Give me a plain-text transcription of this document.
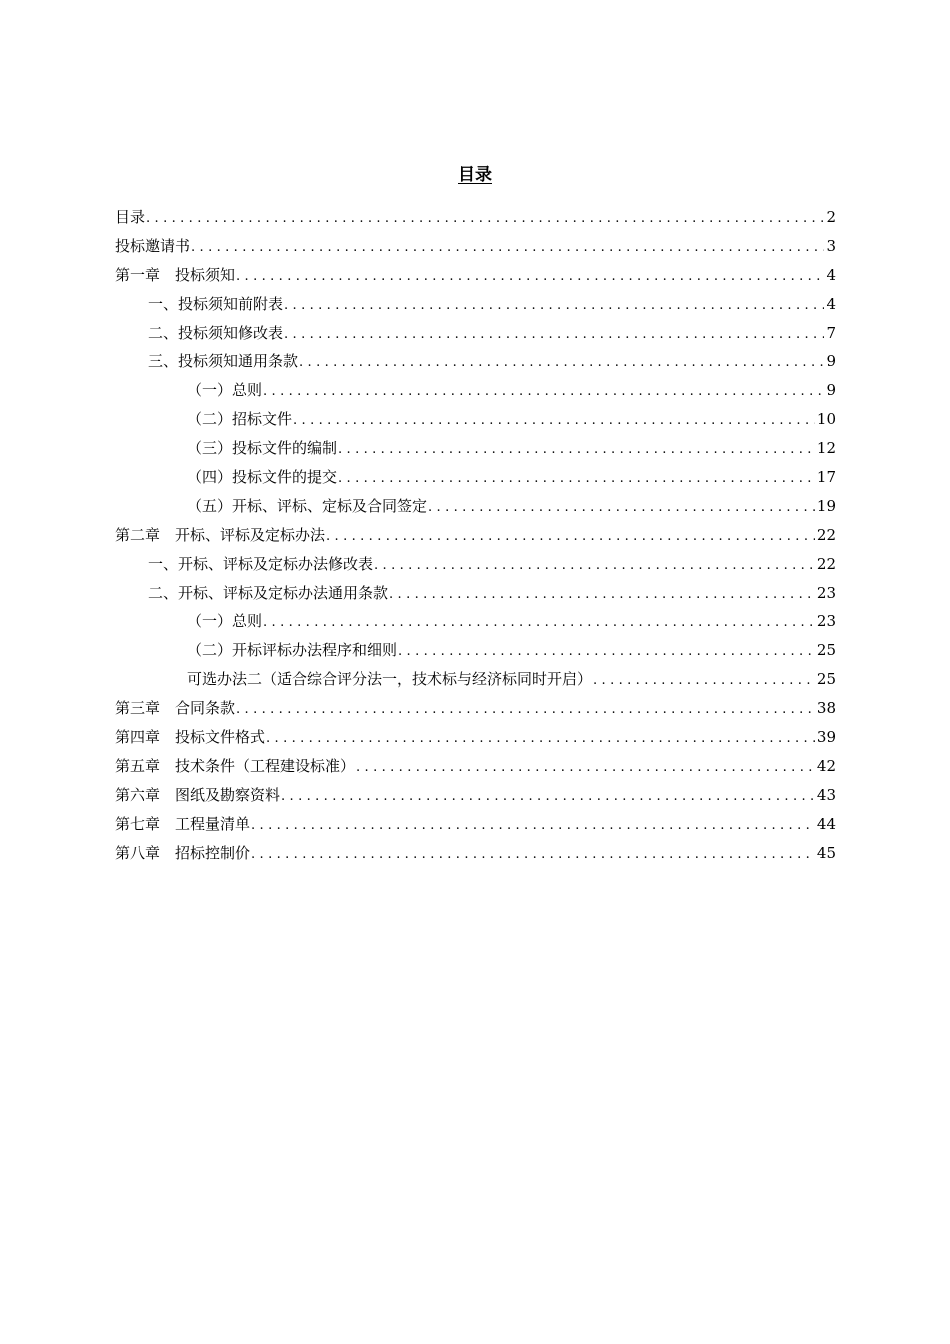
目录
目录 .....	2
投标邀请书 .....	3
第一章　投标须知 .....	4
一、投标须知前附表 .....	4
二、投标须知修改表 .....	7
三、投标须知通用条款 .....	9
（一）总则 .....	9
（二）招标文件 .....	10
（三）投标文件的编制 .....	12
（四）投标文件的提交 .....	17
（五）开标、评标、定标及合同签定 .....	19
第二章　开标、评标及定标办法 .....	22
一、开标、评标及定标办法修改表 .....	22
二、开标、评标及定标办法通用条款 .....	23
（一）总则 .....	23
（二）开标评标办法程序和细则 .....	25
可选办法二（适合综合评分法一，技术标与经济标同时开启） .....	25
第三章　合同条款 .....	38
第四章　投标文件格式 .....	39
第五章　技术条件（工程建设标准） .....	42
第六章　图纸及勘察资料 .....	43
第七章　工程量清单 .....	44
第八章　招标控制价 .....	45
